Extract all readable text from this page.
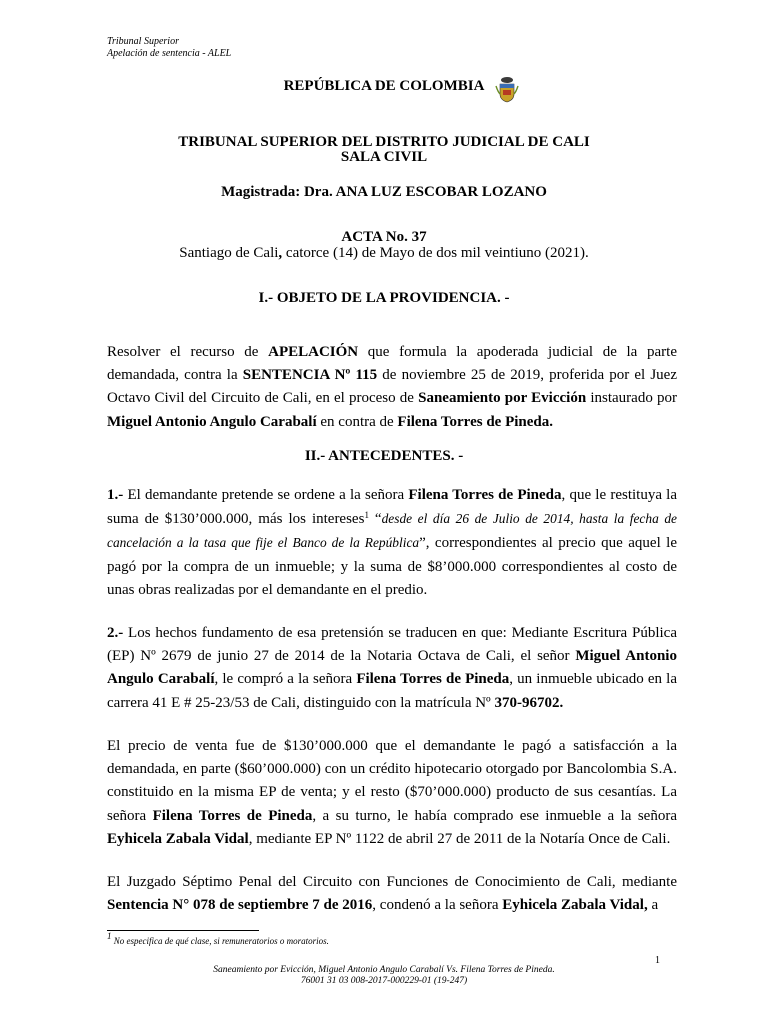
Tribunal Superior
Apelación de sentencia - ALEL
REPÚBLICA DE COLOMBIA
TRIBUNAL SUPERIOR DEL DISTRITO JUDICIAL DE CALI
SALA CIVIL
Magistrada: Dra. ANA LUZ ESCOBAR LOZANO
ACTA No. 37
Santiago de Cali, catorce (14) de Mayo de dos mil veintiuno (2021).
I.- OBJETO DE LA PROVIDENCIA. -
Resolver el recurso de APELACIÓN que formula la apoderada judicial de la parte demandada, contra la SENTENCIA Nº 115 de noviembre 25 de 2019, proferida por el Juez Octavo Civil del Circuito de Cali, en el proceso de Saneamiento por Evicción instaurado por Miguel Antonio Angulo Carabalí en contra de Filena Torres de Pineda.
II.- ANTECEDENTES. -
1.- El demandante pretende se ordene a la señora Filena Torres de Pineda, que le restituya la suma de $130’000.000, más los intereses$^1$ “desde el día 26 de Julio de 2014, hasta la fecha de cancelación a la tasa que fije el Banco de la República”, correspondientes al precio que aquel le pagó por la compra de un inmueble; y la suma de $8’000.000 correspondientes al costo de unas obras realizadas por el demandante en el predio.
2.- Los hechos fundamento de esa pretensión se traducen en que: Mediante Escritura Pública (EP) Nº 2679 de junio 27 de 2014 de la Notaria Octava de Cali, el señor Miguel Antonio Angulo Carabalí, le compró a la señora Filena Torres de Pineda, un inmueble ubicado en la carrera 41 E # 25-23/53 de Cali, distinguido con la matrícula Nº 370-96702.
El precio de venta fue de $130’000.000 que el demandante le pagó a satisfacción a la demandada, en parte ($60’000.000) con un crédito hipotecario otorgado por Bancolombia S.A. constituido en la misma EP de venta; y el resto ($70’000.000) producto de sus cesantías. La señora Filena Torres de Pineda, a su turno, le había comprado ese inmueble a la señora Eyhicela Zabala Vidal, mediante EP Nº 1122 de abril 27 de 2011 de la Notaría Once de Cali.
El Juzgado Séptimo Penal del Circuito con Funciones de Conocimiento de Cali, mediante Sentencia N° 078 de septiembre 7 de 2016, condenó a la señora Eyhicela Zabala Vidal, a
$^1$ No especifica de qué clase, si remuneratorios o moratorios.
1
Saneamiento por Evicción, Miguel Antonio Angulo Carabalí Vs. Filena Torres de Pineda.
76001 31 03 008-2017-000229-01 (19-247)
